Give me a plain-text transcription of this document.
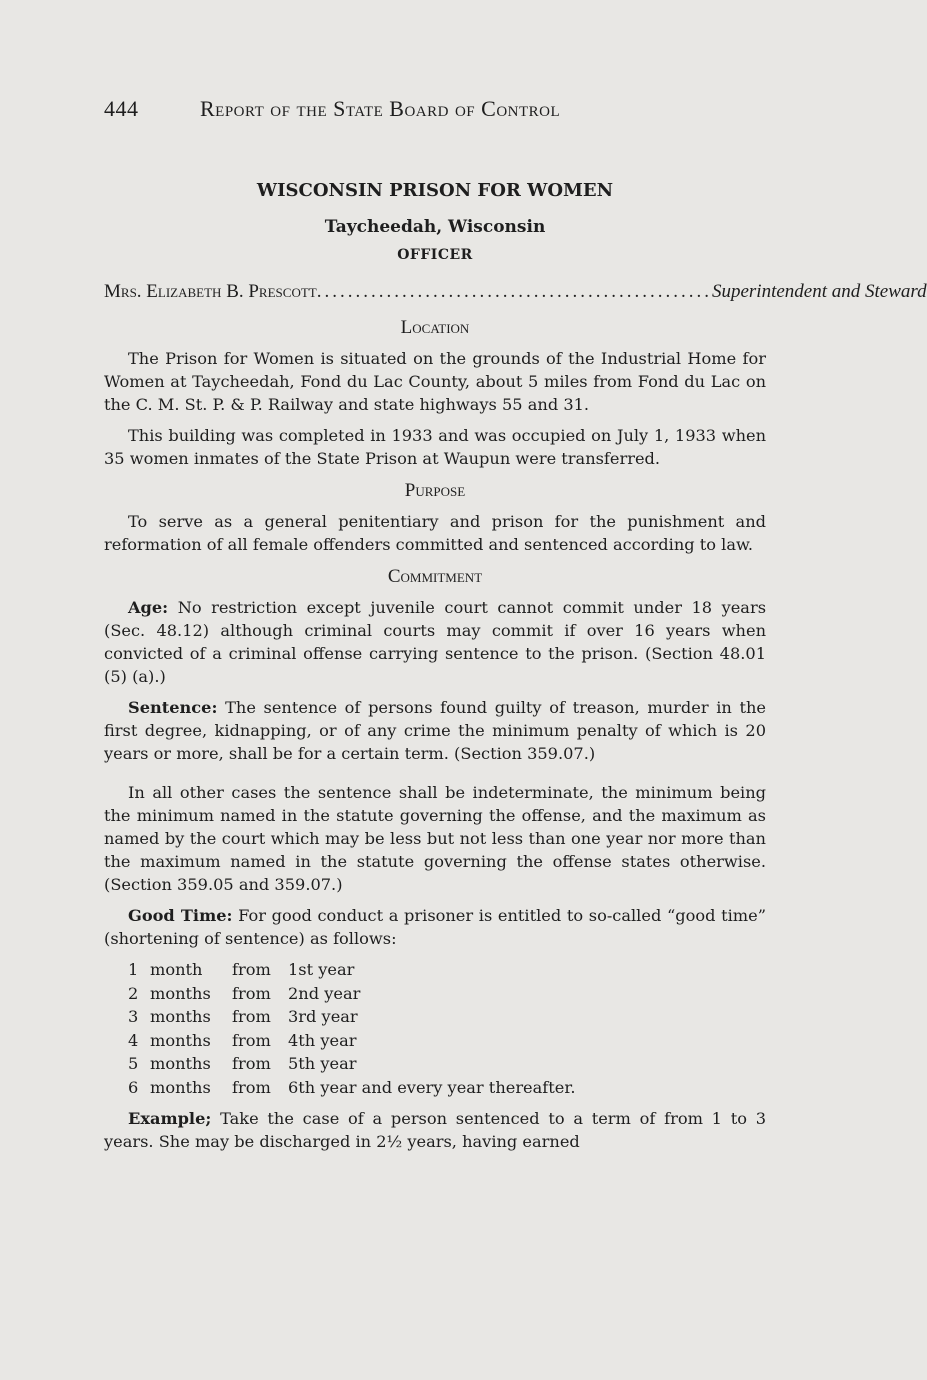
444	Report of the State Board of Control
WISCONSIN PRISON FOR WOMEN
Taycheedah, Wisconsin
OFFICER
Mrs. Elizabeth B. Prescott ................................................... Superintendent and Steward
Location

The Prison for Women is situated on the grounds of the Industrial Home for Women at Taycheedah, Fond du Lac County, about 5 miles from Fond du Lac on the C. M. St. P. & P. Railway and state highways 55 and 31.

This building was completed in 1933 and was occupied on July 1, 1933 when 35 women inmates of the State Prison at Waupun were transferred.

Purpose

To serve as a general penitentiary and prison for the punishment and reformation of all female offenders committed and sentenced according to law.

Commitment

Age: No restriction except juvenile court cannot commit under 18 years (Sec. 48.12) although criminal courts may commit if over 16 years when convicted of a criminal offense carrying sentence to the prison. (Section 48.01 (5) (a).)

Sentence: The sentence of persons found guilty of treason, murder in the first degree, kidnapping, or of any crime the minimum penalty of which is 20 years or more, shall be for a certain term. (Section 359.07.)

In all other cases the sentence shall be indeterminate, the minimum being the minimum named in the statute governing the offense, and the maximum as named by the court which may be less but not less than one year nor more than the maximum named in the statute governing the offense states otherwise. (Section 359.05 and 359.07.)

Good Time: For good conduct a prisoner is entitled to so-called “good time” (shortening of sentence) as follows:

1	month	from	1st year
2	months	from	2nd year
3	months	from	3rd year
4	months	from	4th year
5	months	from	5th year
6	months	from	6th year and every year thereafter.

Example; Take the case of a person sentenced to a term of from 1 to 3 years. She may be discharged in 2½ years, having earned
